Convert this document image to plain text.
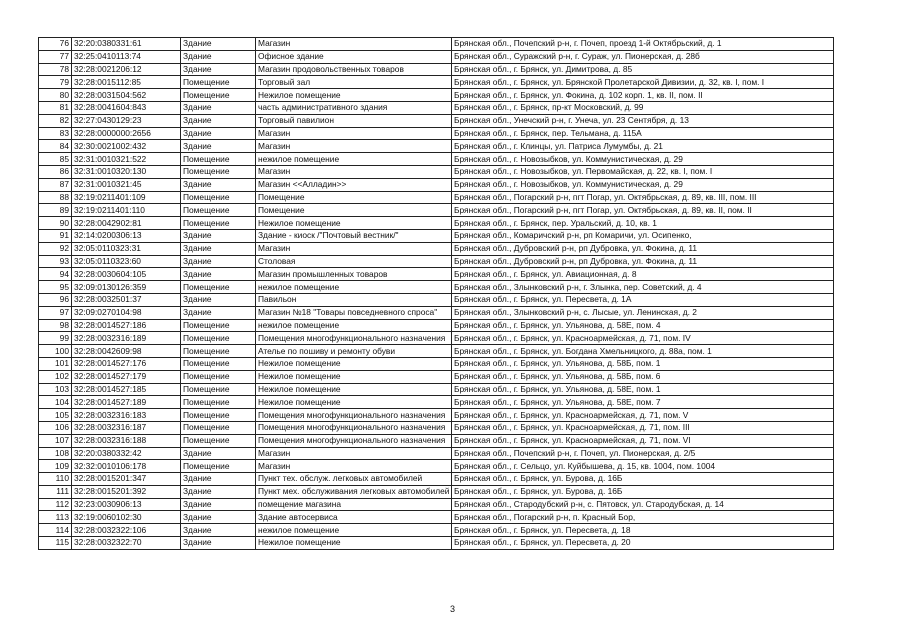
76	32:20:0380331:61	Здание	Магазин	Брянская обл., Почепский р-н, г. Почеп, проезд 1-й Октябрьский, д. 1
77	32:25:0410113:74	Здание	Офисное здание	Брянская обл., Суражский р-н, г. Сураж, ул. Пионерская, д. 28б
78	32:28:0021206:12	Здание	Магазин продовольственных товаров	Брянская обл., г. Брянск, ул. Димитрова, д. 85
79	32:28:0015112:85	Помещение	Торговый зал	Брянская обл., г. Брянск, ул. Брянской Пролетарской Дивизии, д. 32, кв. I, пом. I
80	32:28:0031504:562	Помещение	Нежилое помещение	Брянская обл., г. Брянск, ул. Фокина, д. 102 корп. 1, кв. II, пом. II
81	32:28:0041604:843	Здание	часть административного здания	Брянская обл., г. Брянск, пр-кт Московский, д. 99
82	32:27:0430129:23	Здание	Торговый павилион	Брянская обл., Унечский р-н, г. Унеча, ул. 23 Сентября, д. 13
83	32:28:0000000:2656	Здание	Магазин	Брянская обл., г. Брянск, пер. Тельмана, д. 115А
84	32:30:0021002:432	Здание	Магазин	Брянская обл., г. Клинцы, ул. Патриса Лумумбы, д. 21
85	32:31:0010321:522	Помещение	нежилое помещение	Брянская обл., г. Новозыбков, ул. Коммунистическая, д. 29
86	32:31:0010320:130	Помещение	Магазин	Брянская обл., г. Новозыбков, ул. Первомайская, д. 22, кв. I, пом. I
87	32:31:0010321:45	Здание	Магазин <<Алладин>>	Брянская обл., г. Новозыбков, ул. Коммунистическая, д. 29
88	32:19:0211401:109	Помещение	Помещение	Брянская обл., Погарский р-н, пгт Погар, ул. Октябрьская, д. 89, кв. III, пом. III
89	32:19:0211401:110	Помещение	Помещение	Брянская обл., Погарский р-н, пгт Погар, ул. Октябрьская, д. 89, кв. II, пом. II
90	32:28:0042902:81	Помещение	Нежилое помещение	Брянская обл., г. Брянск, пер. Уральский, д. 10, кв. 1
91	32:14:0200306:13	Здание	Здание - киоск /"Почтовый вестник/"	Брянская обл., Комаричский р-н, рп Комаричи, ул. Осипенко,
92	32:05:0110323:31	Здание	Магазин	Брянская обл., Дубровский р-н, рп Дубровка, ул. Фокина, д. 11
93	32:05:0110323:60	Здание	Столовая	Брянская обл., Дубровский р-н, рп Дубровка, ул. Фокина, д. 11
94	32:28:0030604:105	Здание	Магазин промышленных товаров	Брянская обл., г. Брянск, ул. Авиационная, д. 8
95	32:09:0130126:359	Помещение	нежилое помещение	Брянская обл., Злынковский р-н, г. Злынка, пер. Советский, д. 4
96	32:28:0032501:37	Здание	Павильон	Брянская обл., г. Брянск, ул. Пересвета, д. 1А
97	32:09:0270104:98	Здание	Магазин №18 "Товары повседневного спроса"	Брянская обл., Злынковский р-н, с. Лысые, ул. Ленинская, д. 2
98	32:28:0014527:186	Помещение	нежилое помещение	Брянская обл., г. Брянск, ул. Ульянова, д. 58Е, пом. 4
99	32:28:0032316:189	Помещение	Помещения многофункционального назначения	Брянская обл., г. Брянск, ул. Красноармейская, д. 71, пом. IV
100	32:28:0042609:98	Помещение	Ателье по пошиву и ремонту обуви	Брянская обл., г. Брянск, ул. Богдана Хмельницкого, д. 88а, пом. 1
101	32:28:0014527:176	Помещение	Нежилое помещение	Брянская обл., г. Брянск, ул. Ульянова, д. 58Б, пом. 1
102	32:28:0014527:179	Помещение	Нежилое помещение	Брянская обл., г. Брянск, ул. Ульянова, д. 58Б, пом. 6
103	32:28:0014527:185	Помещение	Нежилое помещение	Брянская обл., г. Брянск, ул. Ульянова, д. 58Е, пом. 1
104	32:28:0014527:189	Помещение	Нежилое помещение	Брянская обл., г. Брянск, ул. Ульянова, д. 58Е, пом. 7
105	32:28:0032316:183	Помещение	Помещения многофункционального назначения	Брянская обл., г. Брянск, ул. Красноармейская, д. 71, пом. V
106	32:28:0032316:187	Помещение	Помещения многофункционального назначения	Брянская обл., г. Брянск, ул. Красноармейская, д. 71, пом. III
107	32:28:0032316:188	Помещение	Помещения многофункционального назначения	Брянская обл., г. Брянск, ул. Красноармейская, д. 71, пом. VI
108	32:20:0380332:42	Здание	Магазин	Брянская обл., Почепский р-н, г. Почеп, ул. Пионерская, д. 2/5
109	32:32:0010106:178	Помещение	Магазин	Брянская обл., г. Сельцо, ул. Куйбышева, д. 15, кв. 1004, пом. 1004
110	32:28:0015201:347	Здание	Пункт тех. обслуж. легковых автомобилей	Брянская обл., г. Брянск, ул. Бурова, д. 16Б
111	32:28:0015201:392	Здание	Пункт мех. обслуживания легковых автомобилей	Брянская обл., г. Брянск, ул. Бурова, д. 16Б
112	32:23:0030906:13	Здание	помещение магазина	Брянская обл., Стародубский р-н, с. Пятовск, ул. Стародубская, д. 14
113	32:19:0060102:30	Здание	Здание автосервиса	Брянская обл., Погарский р-н, п. Красный Бор,
114	32:28:0032322:106	Здание	нежилое помещение	Брянская обл., г. Брянск, ул. Пересвета, д. 18
115	32:28:0032322:70	Здание	Нежилое помещение	Брянская обл., г. Брянск, ул. Пересвета, д. 20
3
